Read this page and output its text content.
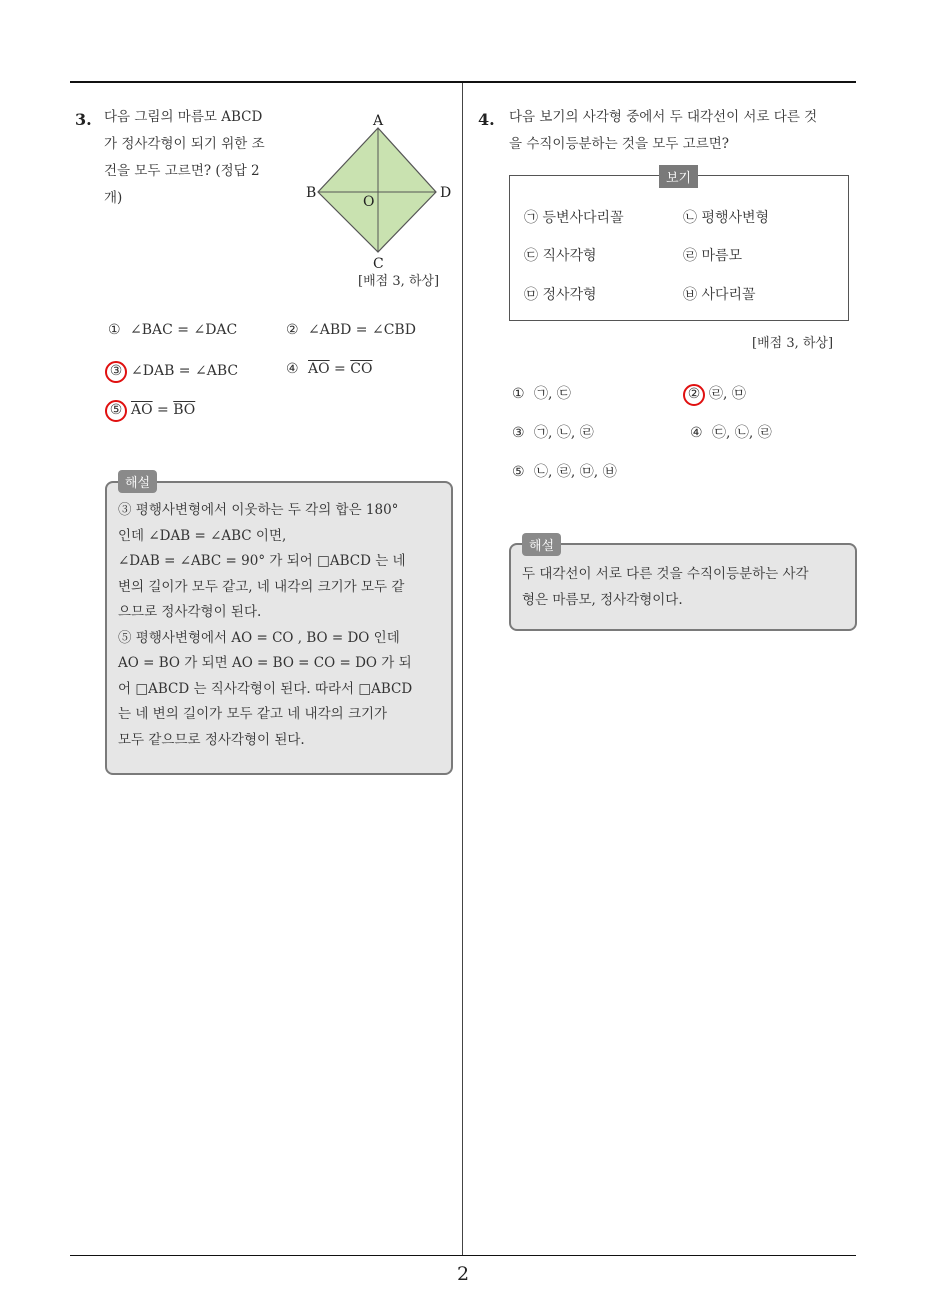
3. 다음 그림의 마름모 ABCD
가 정사각형이 되기 위한 조
건을 모두 고르면? (정답 2
개)
A
B
C
D
O
[배점 3, 하상]
① ∠BAC = ∠DAC	② ∠ABD = ∠CBD
③ ∠DAB = ∠ABC	④ $\overline{AO} = \overline{CO}$
⑤ $\overline{AO} = \overline{BO}$
해설
③ 평행사변형에서 이웃하는 두 각의 합은 180°
인데 ∠DAB = ∠ABC 이면,
∠DAB = ∠ABC = 90° 가 되어 □ABCD 는 네
변의 길이가 모두 같고, 네 내각의 크기가 모두 같
으므로 정사각형이 된다.
⑤ 평행사변형에서 AO = CO , BO = DO 인데
AO = BO 가 되면 AO = BO = CO = DO 가 되
어 □ABCD 는 직사각형이 된다. 따라서 □ABCD
는 네 변의 길이가 모두 같고 네 내각의 크기가
모두 같으므로 정사각형이 된다.
4. 다음 보기의 사각형 중에서 두 대각선이 서로 다른 것
을 수직이등분하는 것을 모두 고르면?
보기
㉠ 등변사다리꼴	㉡ 평행사변형
㉢ 직사각형	㉣ 마름모
㉤ 정사각형	㉥ 사다리꼴
[배점 3, 하상]
① ㉠, ㉢	② ㉣, ㉤
③ ㉠, ㉡, ㉣	④ ㉢, ㉡, ㉣
⑤ ㉡, ㉣, ㉤, ㉥
해설
두 대각선이 서로 다른 것을 수직이등분하는 사각
형은 마름모, 정사각형이다.
2
